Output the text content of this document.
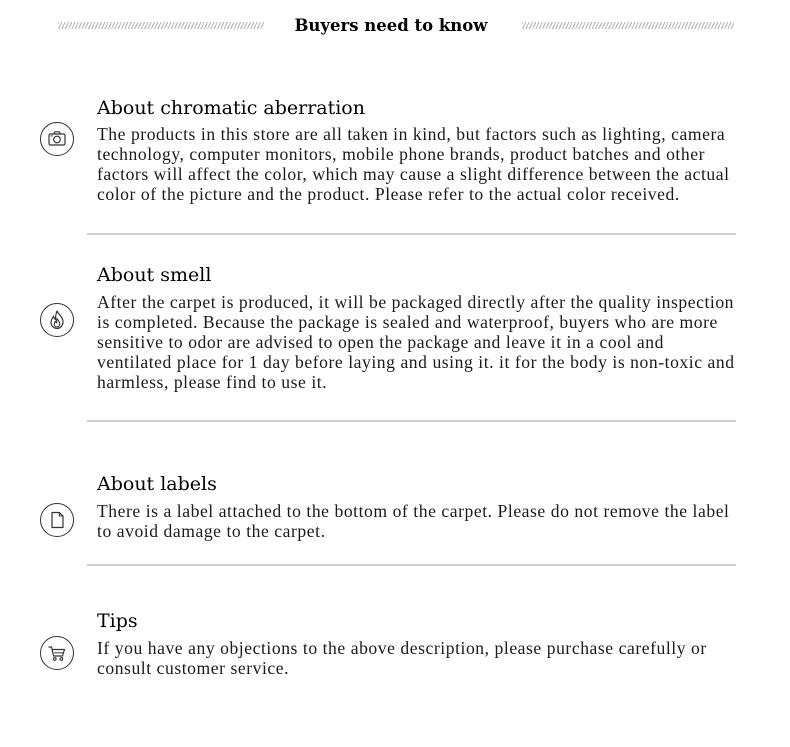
Buyers need to know
About chromatic aberration
The products in this store are all taken in kind, but factors such as lighting, camera technology, computer monitors, mobile phone brands, product batches and other factors will affect the color, which may cause a slight difference between the actual color of the picture and the product. Please refer to the actual color received.
About smell
After the carpet is produced, it will be packaged directly after the quality inspection is completed. Because the package is sealed and waterproof, buyers who are more sensitive to odor are advised to open the package and leave it in a cool and ventilated place for 1 day before laying and using it. it for the body is non-toxic and harmless, please find to use it.
About labels
There is a label attached to the bottom of the carpet. Please do not remove the label to avoid damage to the carpet.
Tips
If you have any objections to the above description, please purchase carefully or consult customer service.
